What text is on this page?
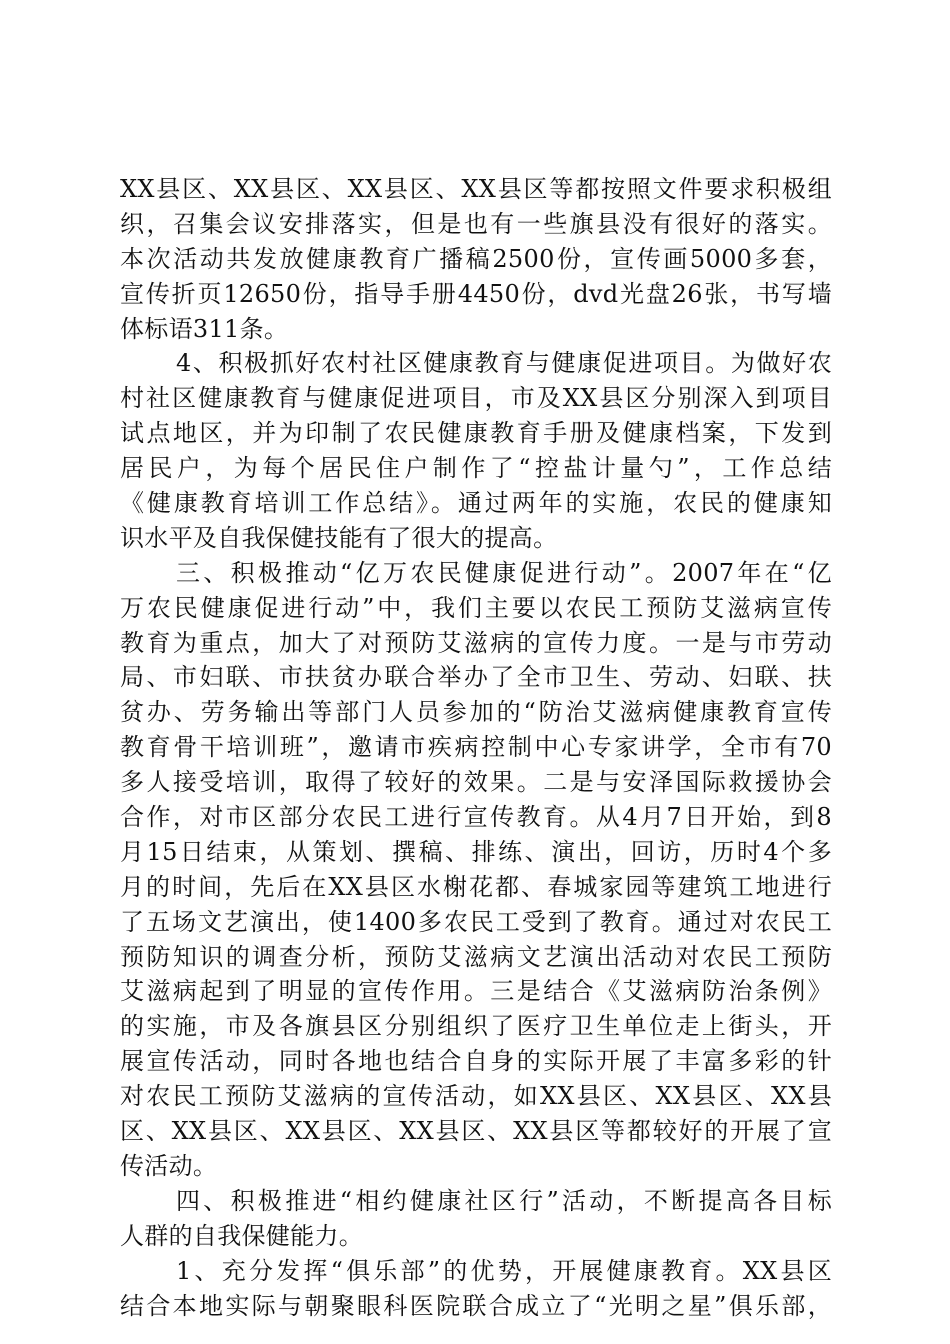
XX县区、XX县区、XX县区、XX县区等都按照文件要求积极组
织，召集会议安排落实，但是也有一些旗县没有很好的落实。
本次活动共发放健康教育广播稿2500份，宣传画5000多套，
宣传折页12650份，指导手册4450份，dvd光盘26张，书写墙
体标语311条。
4、积极抓好农村社区健康教育与健康促进项目。为做好农
村社区健康教育与健康促进项目，市及XX县区分别深入到项目
试点地区，并为印制了农民健康教育手册及健康档案，下发到
居民户，为每个居民住户制作了“控盐计量勺”，工作总结
《健康教育培训工作总结》。通过两年的实施，农民的健康知
识水平及自我保健技能有了很大的提高。
三、积极推动“亿万农民健康促进行动”。2007年在“亿
万农民健康促进行动”中，我们主要以农民工预防艾滋病宣传
教育为重点，加大了对预防艾滋病的宣传力度。一是与市劳动
局、市妇联、市扶贫办联合举办了全市卫生、劳动、妇联、扶
贫办、劳务输出等部门人员参加的“防治艾滋病健康教育宣传
教育骨干培训班”，邀请市疾病控制中心专家讲学，全市有70
多人接受培训，取得了较好的效果。二是与安泽国际救援协会
合作，对市区部分农民工进行宣传教育。从4月7日开始，到8
月15日结束，从策划、撰稿、排练、演出，回访，历时4个多
月的时间，先后在XX县区水榭花都、春城家园等建筑工地进行
了五场文艺演出，使1400多农民工受到了教育。通过对农民工
预防知识的调查分析，预防艾滋病文艺演出活动对农民工预防
艾滋病起到了明显的宣传作用。三是结合《艾滋病防治条例》
的实施，市及各旗县区分别组织了医疗卫生单位走上街头，开
展宣传活动，同时各地也结合自身的实际开展了丰富多彩的针
对农民工预防艾滋病的宣传活动，如XX县区、XX县区、XX县
区、XX县区、XX县区、XX县区、XX县区等都较好的开展了宣
传活动。
四、积极推进“相约健康社区行”活动，不断提高各目标
人群的自我保健能力。
1、充分发挥“俱乐部”的优势，开展健康教育。XX县区
结合本地实际与朝聚眼科医院联合成立了“光明之星”俱乐部，
